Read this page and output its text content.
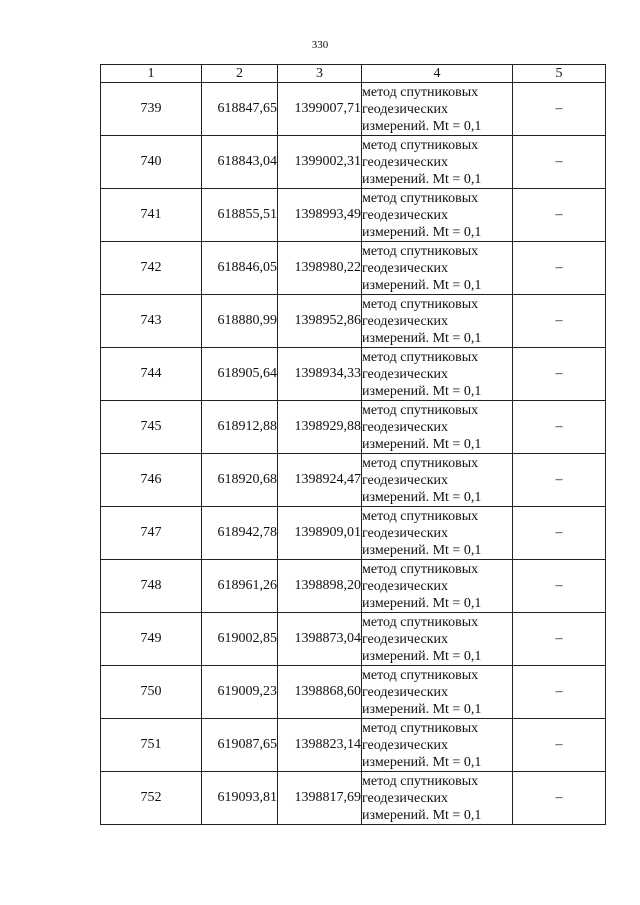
330
1	2	3	4	5
739	618847,65	1399007,71	метод спутниковых
геодезических
измерений. Mt = 0,1	–
740	618843,04	1399002,31	метод спутниковых
геодезических
измерений. Mt = 0,1	–
741	618855,51	1398993,49	метод спутниковых
геодезических
измерений. Mt = 0,1	–
742	618846,05	1398980,22	метод спутниковых
геодезических
измерений. Mt = 0,1	–
743	618880,99	1398952,86	метод спутниковых
геодезических
измерений. Mt = 0,1	–
744	618905,64	1398934,33	метод спутниковых
геодезических
измерений. Mt = 0,1	–
745	618912,88	1398929,88	метод спутниковых
геодезических
измерений. Mt = 0,1	–
746	618920,68	1398924,47	метод спутниковых
геодезических
измерений. Mt = 0,1	–
747	618942,78	1398909,01	метод спутниковых
геодезических
измерений. Mt = 0,1	–
748	618961,26	1398898,20	метод спутниковых
геодезических
измерений. Mt = 0,1	–
749	619002,85	1398873,04	метод спутниковых
геодезических
измерений. Mt = 0,1	–
750	619009,23	1398868,60	метод спутниковых
геодезических
измерений. Mt = 0,1	–
751	619087,65	1398823,14	метод спутниковых
геодезических
измерений. Mt = 0,1	–
752	619093,81	1398817,69	метод спутниковых
геодезических
измерений. Mt = 0,1	–
